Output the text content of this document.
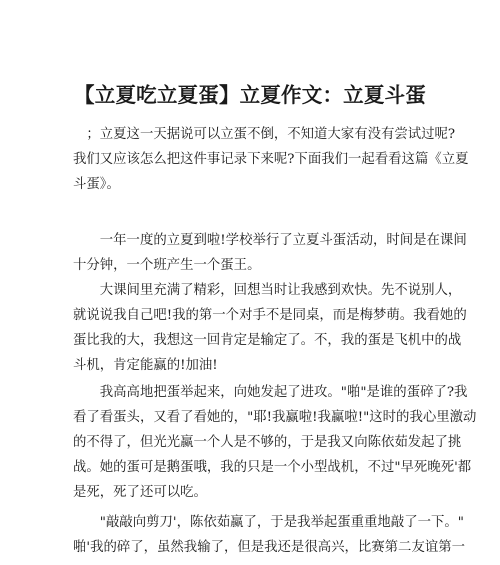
【立夏吃立夏蛋】立夏作文：立夏斗蛋
　；立夏这一天据说可以立蛋不倒，不知道大家有没有尝试过呢?
我们又应该怎么把这件事记录下来呢?下面我们一起看看这篇《立夏
斗蛋》。
　　一年一度的立夏到啦!学校举行了立夏斗蛋活动，时间是在课间
十分钟，一个班产生一个蛋王。
　　大课间里充满了精彩，回想当时让我感到欢快。先不说别人，
就说说我自己吧!我的第一个对手不是同桌，而是梅梦萌。我看她的
蛋比我的大，我想这一回肯定是输定了。不，我的蛋是飞机中的战
斗机，肯定能赢的!加油!
　　我高高地把蛋举起来，向她发起了进攻。"啪"是谁的蛋碎了?我
看了看蛋头，又看了看她的，"耶!我赢啦!我赢啦!"这时的我心里激动
的不得了，但光光赢一个人是不够的，于是我又向陈依茹发起了挑
战。她的蛋可是鹅蛋哦，我的只是一个小型战机，不过"早死晚死'都
是死，死了还可以吃。
　　"敲敲向剪刀'，陈依茹赢了，于是我举起蛋重重地敲了一下。"
啪'我的碎了，虽然我输了，但是我还是很高兴，比赛第二友谊第一
